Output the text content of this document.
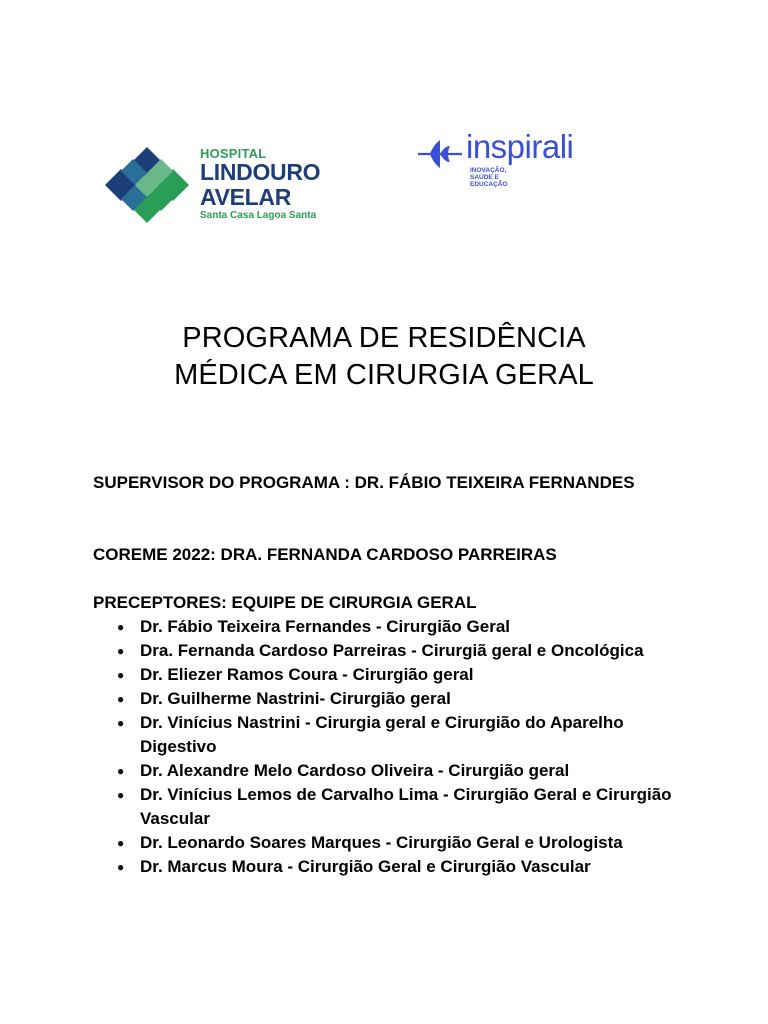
HOSPITAL
LINDOURO
AVELAR
Santa Casa Lagoa Santa
inspirali
INOVAÇÃO,
SAÚDE E
EDUCAÇÃO
PROGRAMA DE RESIDÊNCIA
MÉDICA EM CIRURGIA GERAL
SUPERVISOR DO PROGRAMA : DR. FÁBIO TEIXEIRA FERNANDES
COREME 2022: DRA. FERNANDA CARDOSO PARREIRAS
PRECEPTORES: EQUIPE DE CIRURGIA GERAL
● Dr. Fábio Teixeira Fernandes - Cirurgião Geral
● Dra. Fernanda Cardoso Parreiras - Cirurgiã geral e Oncológica
● Dr. Eliezer Ramos Coura - Cirurgião geral
● Dr. Guilherme Nastrini- Cirurgião geral
● Dr. Vinícius Nastrini - Cirurgia geral e Cirurgião do Aparelho Digestivo
● Dr. Alexandre Melo Cardoso Oliveira - Cirurgião geral
● Dr. Vinícius Lemos de Carvalho Lima - Cirurgião Geral e Cirurgião Vascular
● Dr. Leonardo Soares Marques - Cirurgião Geral e Urologista
● Dr. Marcus Moura - Cirurgião Geral e Cirurgião Vascular
